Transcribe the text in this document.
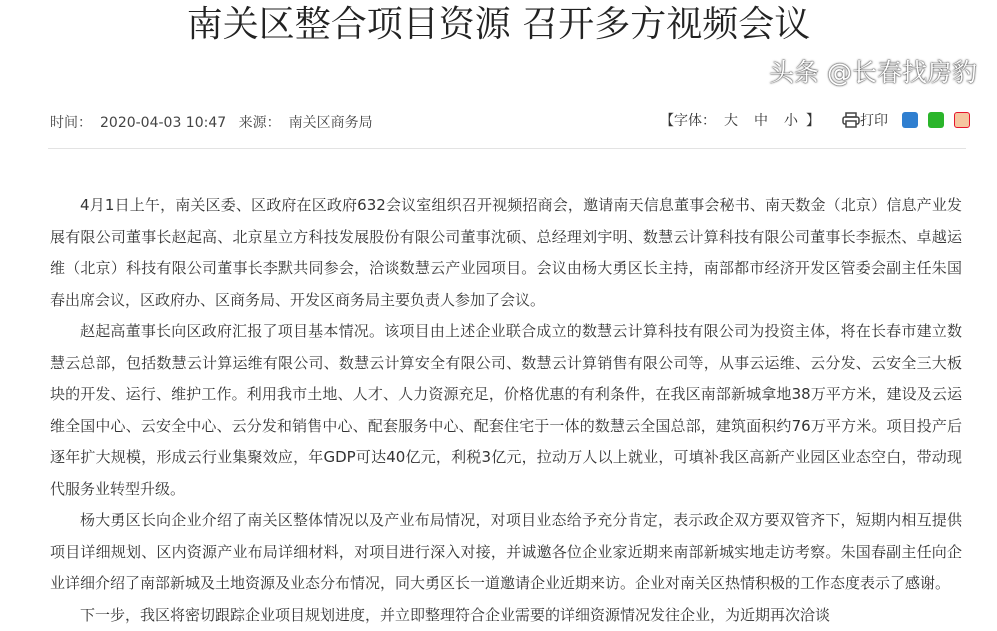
南关区整合项目资源 召开多方视频会议
时间： 2020-04-03 10:47 来源： 南关区商务局	【字体： 大 中 小 】	打印

4月1日上午，南关区委、区政府在区政府632会议室组织召开视频招商会，邀请南天信息董事会秘书、南天数金（北京）信息产业发展有限公司董事长赵起高、北京星立方科技发展股份有限公司董事沈硕、总经理刘宇明、数慧云计算科技有限公司董事长李振杰、卓越运维（北京）科技有限公司董事长李默共同参会，洽谈数慧云产业园项目。会议由杨大勇区长主持，南部都市经济开发区管委会副主任朱国春出席会议，区政府办、区商务局、开发区商务局主要负责人参加了会议。

赵起高董事长向区政府汇报了项目基本情况。该项目由上述企业联合成立的数慧云计算科技有限公司为投资主体，将在长春市建立数慧云总部，包括数慧云计算运维有限公司、数慧云计算安全有限公司、数慧云计算销售有限公司等，从事云运维、云分发、云安全三大板块的开发、运行、维护工作。利用我市土地、人才、人力资源充足，价格优惠的有利条件，在我区南部新城拿地38万平方米，建设及云运维全国中心、云安全中心、云分发和销售中心、配套服务中心、配套住宅于一体的数慧云全国总部，建筑面积约76万平方米。项目投产后逐年扩大规模，形成云行业集聚效应，年GDP可达40亿元，利税3亿元，拉动万人以上就业，可填补我区高新产业园区业态空白，带动现代服务业转型升级。

杨大勇区长向企业介绍了南关区整体情况以及产业布局情况，对项目业态给予充分肯定，表示政企双方要双管齐下，短期内相互提供项目详细规划、区内资源产业布局详细材料，对项目进行深入对接，并诚邀各位企业家近期来南部新城实地走访考察。朱国春副主任向企业详细介绍了南部新城及土地资源及业态分布情况，同大勇区长一道邀请企业近期来访。企业对南关区热情积极的工作态度表示了感谢。

下一步，我区将密切跟踪企业项目规划进度，并立即整理符合企业需要的详细资源情况发往企业，为近期再次洽谈

头条 @长春找房豹
